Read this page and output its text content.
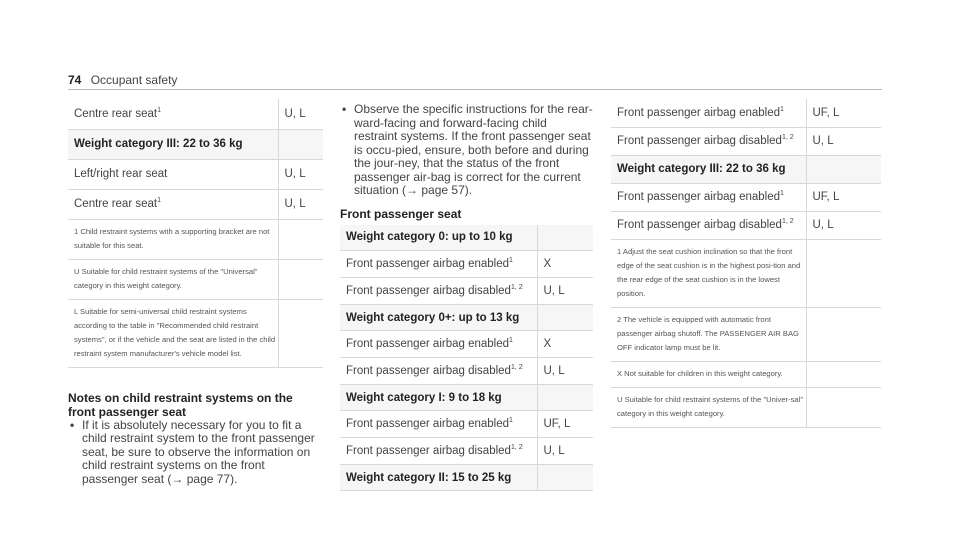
74 Occupant safety
Centre rear seat$^1$	U, L
Weight category III: 22 to 36 kg	
Left/right rear seat	U, L
Centre rear seat$^1$	U, L
1 Child restraint systems with a supporting bracket are not suitable for this seat.	
U Suitable for child restraint systems of the "Universal" category in this weight category.	
L Suitable for semi-universal child restraint systems according to the table in "Recommended child restraint systems", or if the vehicle and the seat are listed in the child restraint system manufacturer's vehicle model list.	
Notes on child restraint systems on the front passenger seat
• If it is absolutely necessary for you to fit a child restraint system to the front passenger seat, be sure to observe the information on child restraint systems on the front passenger seat (→ page 77).
• Observe the specific instructions for the rear-ward-facing and forward-facing child restraint systems. If the front passenger seat is occu-pied, ensure, both before and during the jour-ney, that the status of the front passenger air-bag is correct for the current situation (→ page 57).
Front passenger seat
Weight category 0: up to 10 kg	
Front passenger airbag enabled$^1$	X
Front passenger airbag disabled$^{1, 2}$	U, L
Weight category 0+: up to 13 kg	
Front passenger airbag enabled$^1$	X
Front passenger airbag disabled$^{1, 2}$	U, L
Weight category I: 9 to 18 kg	
Front passenger airbag enabled$^1$	UF, L
Front passenger airbag disabled$^{1, 2}$	U, L
Weight category II: 15 to 25 kg	
Front passenger airbag enabled$^1$	UF, L
Front passenger airbag disabled$^{1, 2}$	U, L
Weight category III: 22 to 36 kg	
Front passenger airbag enabled$^1$	UF, L
Front passenger airbag disabled$^{1, 2}$	U, L
1 Adjust the seat cushion inclination so that the front edge of the seat cushion is in the highest posi-tion and the rear edge of the seat cushion is in the lowest position.	
2 The vehicle is equipped with automatic front passenger airbag shutoff. The PASSENGER AIR BAG OFF indicator lamp must be lit.	
X Not suitable for children in this weight category.	
U Suitable for child restraint systems of the "Univer-sal" category in this weight category.	
